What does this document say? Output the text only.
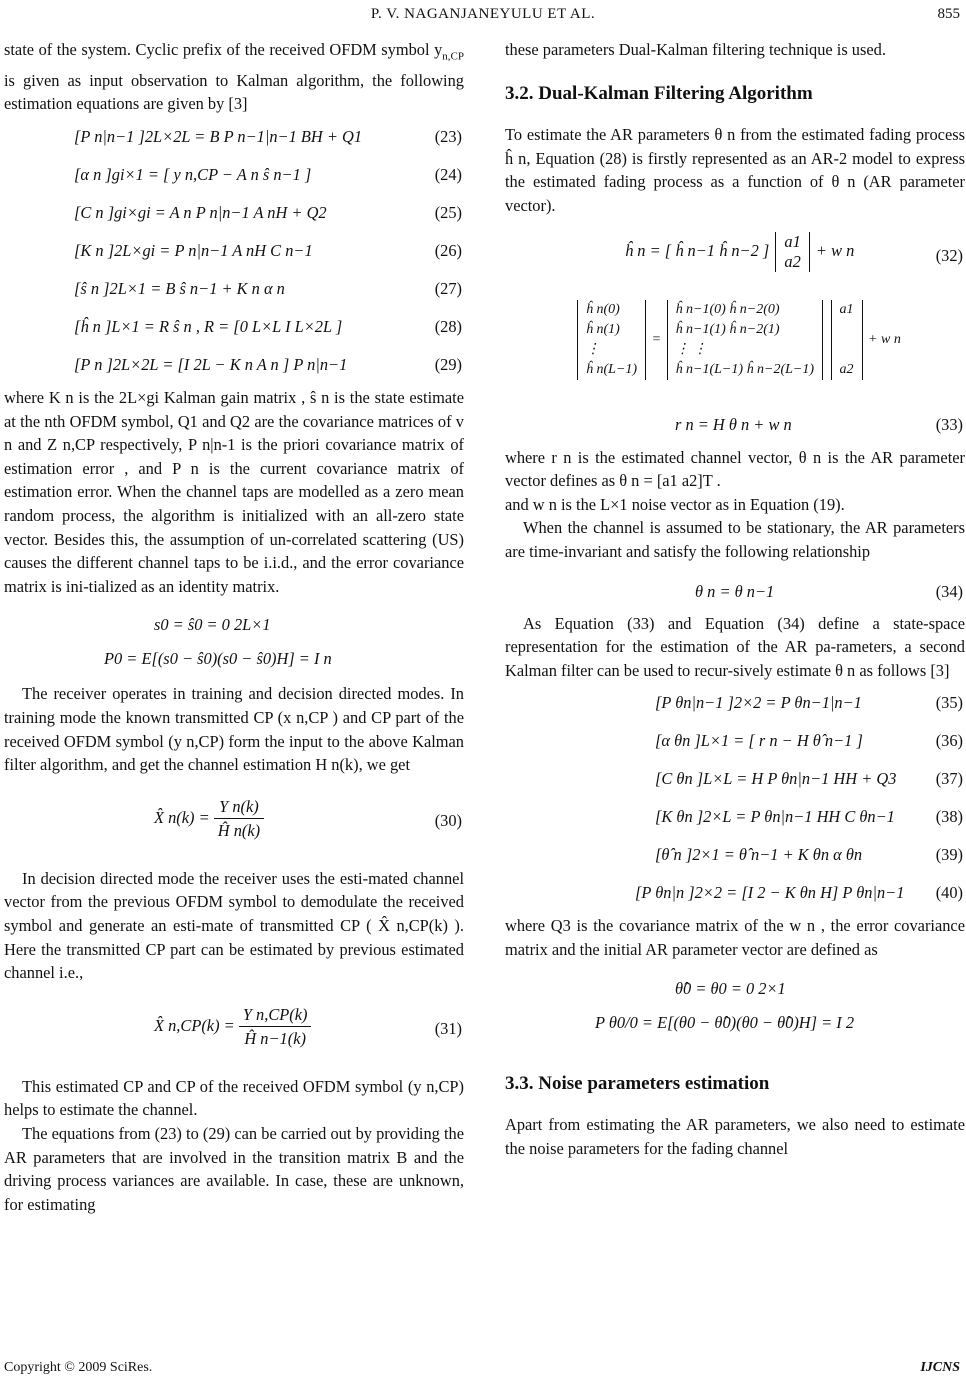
P. V. NAGANJANEYULU ET AL.	855

state of the system. Cyclic prefix of the received OFDM symbol $y_{n,CP}$ is given as input observation to Kalman algorithm, the following estimation equations are given by [3]

[P n|n−1 ]2L×2L = B P n−1|n−1 BH + Q1	(23)
[α n ]gi×1 = [ y n,CP − A n ŝ n−1 ]	(24)
[C n ]gi×gi = A n P n|n−1 A nH + Q2	(25)
[K n ]2L×gi = P n|n−1 A nH C n−1	(26)
[ŝ n ]2L×1 = B ŝ n−1 + K n α n	(27)
[ĥ n ]L×1 = R ŝ n , R = [0 L×L I L×2L ]	(28)
[P n ]2L×2L = [I 2L − K n A n ] P n|n−1	(29)

where K n is the 2L×gi Kalman gain matrix , ŝ n is the state estimate at the nth OFDM symbol, Q1 and Q2 are the covariance matrices of v n and Z n,CP respectively, P n|n-1 is the priori covariance matrix of estimation error , and P n is the current covariance matrix of estimation error. When the channel taps are modelled as a zero mean random process, the algorithm is initialized with an all-zero state vector. Besides this, the assumption of un-correlated scattering (US) causes the different channel taps to be i.i.d., and the error covariance matrix is ini-tialized as an identity matrix.

s0 = ŝ0 = 0 2L×1
P0 = E[(s0 − ŝ0)(s0 − ŝ0)H] = I n

The receiver operates in training and decision directed modes. In training mode the known transmitted CP (x n,CP ) and CP part of the received OFDM symbol (y n,CP) form the input to the above Kalman filter algorithm, and get the channel estimation H n(k), we get

X̂ $n(k) = \frac{\text{Y n(k)}}{\text{Ĥ n(k)}}$	(30)

In decision directed mode the receiver uses the esti-mated channel vector from the previous OFDM symbol to demodulate the received symbol and generate an esti-mate of transmitted CP ( X̂ n,CP(k) ). Here the transmitted CP part can be estimated by previous estimated channel i.e.,

X̂ $n,CP(k) = \frac{\text{Y n,CP(k)}}{\text{Ĥ n−1(k)}}$	(31)

This estimated CP and CP of the received OFDM symbol (y n,CP) helps to estimate the channel.

The equations from (23) to (29) can be carried out by providing the AR parameters that are involved in the transition matrix B and the driving process variances are available. In case, these are unknown, for estimating

these parameters Dual-Kalman filtering technique is used.

3.2. Dual-Kalman Filtering Algorithm

To estimate the AR parameters θ n from the estimated fading process ĥ n, Equation (28) is firstly represented as an AR-2 model to express the estimated fading process as a function of θ n (AR parameter vector).

ĥ n = [ ĥ n−1 ĥ n−2 ] a1
a2
+ w n	(32)
ĥ n(0)
ĥ n(1)
⋮
ĥ n(L−1)
=
ĥ n−1(0) ĥ n−2(0)
ĥ n−1(1) ĥ n−2(1)
⋮ ⋮
ĥ n−1(L−1) ĥ n−2(L−1)

a1

a2
+ w n
r n = H θ n + w n	(33)

where r n is the estimated channel vector, θ n is the AR parameter vector defines as θ n = [a1 a2]T .

and w n is the L×1 noise vector as in Equation (19).

When the channel is assumed to be stationary, the AR parameters are time-invariant and satisfy the following relationship

θ n = θ n−1	(34)

As Equation (33) and Equation (34) define a state-space representation for the estimation of the AR pa-rameters, a second Kalman filter can be used to recur-sively estimate θ n as follows [3]

[P θn|n−1 ]2×2 = P θn−1|n−1	(35)
[α θn ]L×1 = [ r n − H θ̂ n−1 ]	(36)
[C θn ]L×L = H P θn|n−1 HH + Q3 (37)
[K θn ]2×L = P θn|n−1 HH C θn−1 (38)
[θ̂ n ]2×1 = θ̂ n−1 + K θn α θn	(39)
[P θn|n ]2×2 = [I 2 − K θn H] P θn|n−1 (40)

where Q3 is the covariance matrix of the w n , the error covariance matrix and the initial AR parameter vector are defined as

θ̂0 = θ0 = 0 2×1
P θ0/0 = E[(θ0 − θ̂0)(θ0 − θ̂0)H] = I 2
3.3. Noise parameters estimation

Apart from estimating the AR parameters, we also need to estimate the noise parameters for the fading channel

Copyright © 2009 SciRes.	IJCNS
